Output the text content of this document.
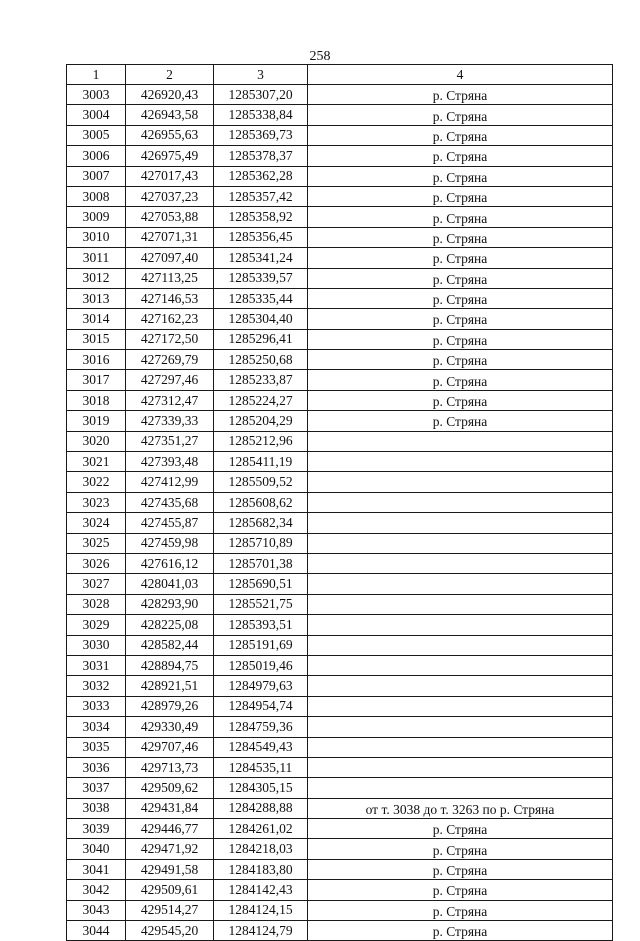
258
1	2	3	4
3003	426920,43	1285307,20	р. Стряна
3004	426943,58	1285338,84	р. Стряна
3005	426955,63	1285369,73	р. Стряна
3006	426975,49	1285378,37	р. Стряна
3007	427017,43	1285362,28	р. Стряна
3008	427037,23	1285357,42	р. Стряна
3009	427053,88	1285358,92	р. Стряна
3010	427071,31	1285356,45	р. Стряна
3011	427097,40	1285341,24	р. Стряна
3012	427113,25	1285339,57	р. Стряна
3013	427146,53	1285335,44	р. Стряна
3014	427162,23	1285304,40	р. Стряна
3015	427172,50	1285296,41	р. Стряна
3016	427269,79	1285250,68	р. Стряна
3017	427297,46	1285233,87	р. Стряна
3018	427312,47	1285224,27	р. Стряна
3019	427339,33	1285204,29	р. Стряна
3020	427351,27	1285212,96	
3021	427393,48	1285411,19	
3022	427412,99	1285509,52	
3023	427435,68	1285608,62	
3024	427455,87	1285682,34	
3025	427459,98	1285710,89	
3026	427616,12	1285701,38	
3027	428041,03	1285690,51	
3028	428293,90	1285521,75	
3029	428225,08	1285393,51	
3030	428582,44	1285191,69	
3031	428894,75	1285019,46	
3032	428921,51	1284979,63	
3033	428979,26	1284954,74	
3034	429330,49	1284759,36	
3035	429707,46	1284549,43	
3036	429713,73	1284535,11	
3037	429509,62	1284305,15	
3038	429431,84	1284288,88	от т. 3038 до т. 3263 по р. Стряна
3039	429446,77	1284261,02	р. Стряна
3040	429471,92	1284218,03	р. Стряна
3041	429491,58	1284183,80	р. Стряна
3042	429509,61	1284142,43	р. Стряна
3043	429514,27	1284124,15	р. Стряна
3044	429545,20	1284124,79	р. Стряна
